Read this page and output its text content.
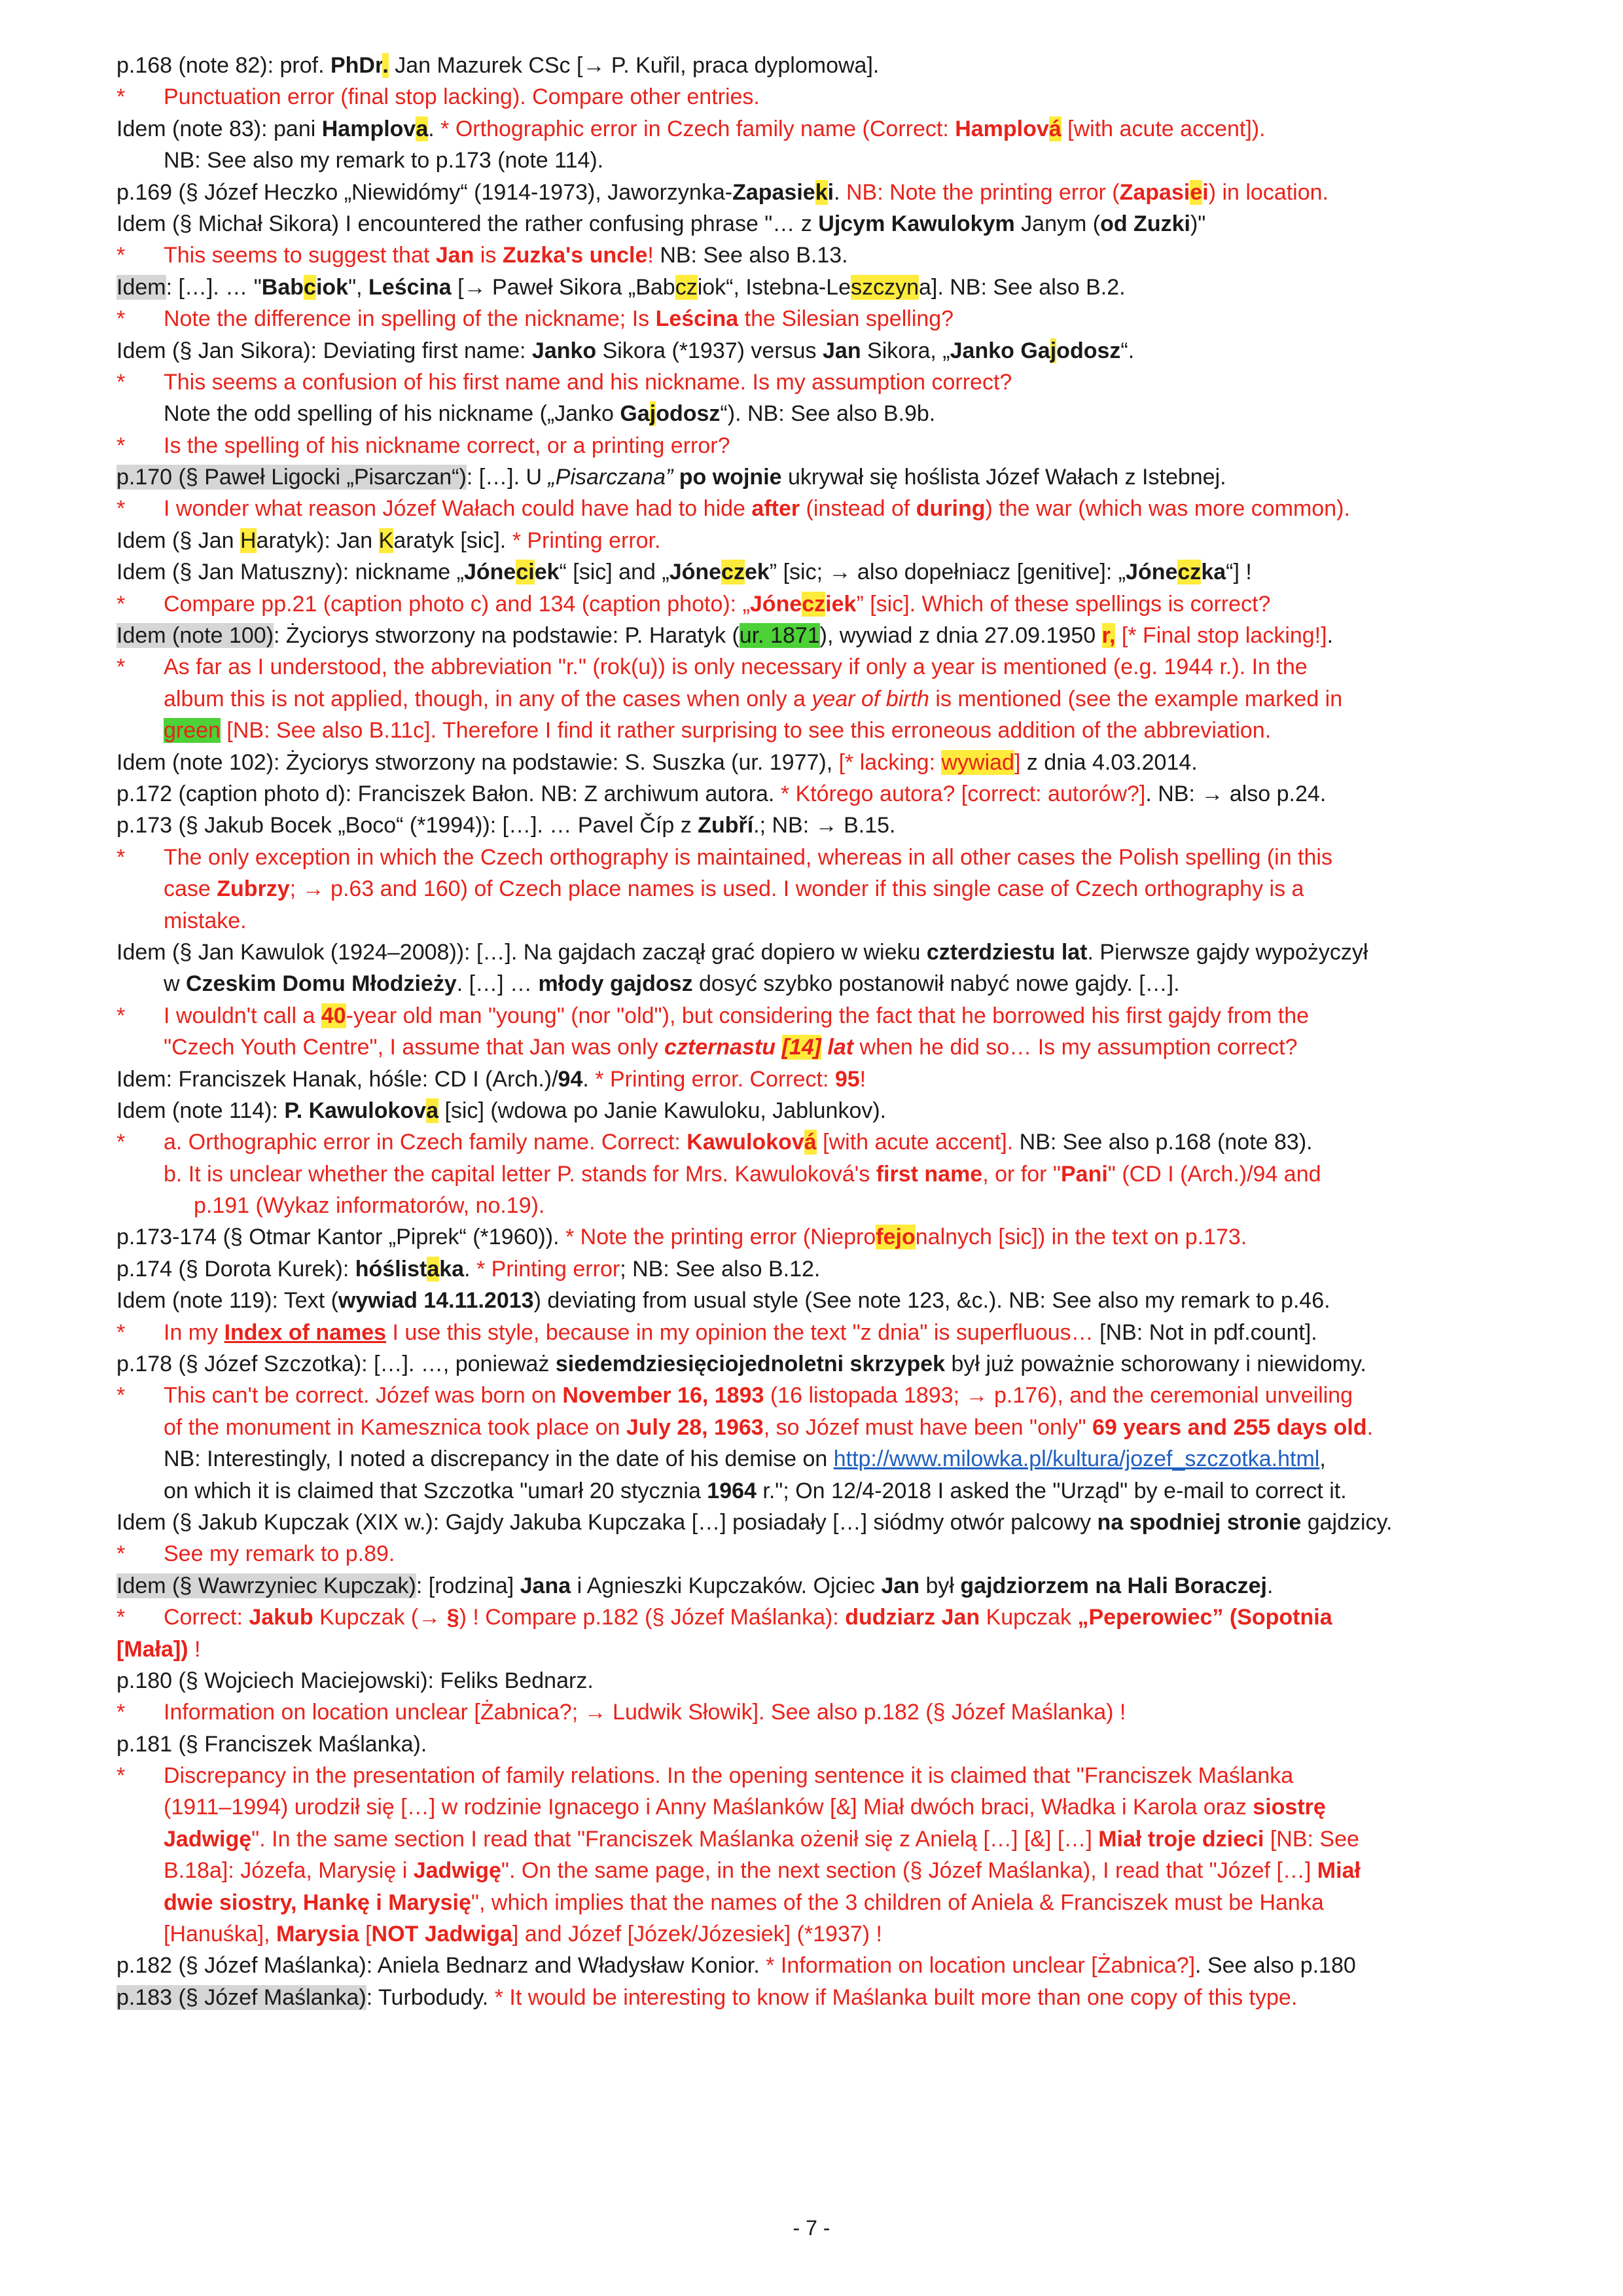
p.168 (note 82): prof. PhDr. Jan Mazurek CSc [→ P. Kuřil, praca dyplomowa].
* Punctuation error (final stop lacking). Compare other entries.
Idem (note 83): pani Hamplova. * Orthographic error in Czech family name (Correct: Hamplová [with acute accent]).
NB: See also my remark to p.173 (note 114).
p.169 (§ Józef Heczko „Niewidómy“ (1914-1973), Jaworzynka-Zapasieki. NB: Note the printing error (Zapasiei) in location.
Idem (§ Michał Sikora) I encountered the rather confusing phrase "… z Ujcym Kawulokym Janym (od Zuzki)"
* This seems to suggest that Jan is Zuzka's uncle! NB: See also B.13.
Idem: […]. … "Babciok", Leścina [→ Paweł Sikora „Babcziok“, Istebna-Leszczyna]. NB: See also B.2.
* Note the difference in spelling of the nickname; Is Leścina the Silesian spelling?
Idem (§ Jan Sikora): Deviating first name: Janko Sikora (*1937) versus Jan Sikora, „Janko Gajodosz“.
* This seems a confusion of his first name and his nickname. Is my assumption correct?
Note the odd spelling of his nickname („Janko Gajodosz“). NB: See also B.9b.
* Is the spelling of his nickname correct, or a printing error?
p.170 (§ Paweł Ligocki „Pisarczan“): […]. U „Pisarczana” po wojnie ukrywał się hoślista Józef Wałach z Istebnej.
* I wonder what reason Józef Wałach could have had to hide after (instead of during) the war (which was more common).
Idem (§ Jan Haratyk): Jan Karatyk [sic]. * Printing error.
Idem (§ Jan Matuszny): nickname „Jóneciek“ [sic] and „Jóneczek” [sic; → also dopełniacz [genitive]: „Jóneczka“] !
* Compare pp.21 (caption photo c) and 134 (caption photo): „Jónecziek” [sic]. Which of these spellings is correct?
Idem (note 100): Życiorys stworzony na podstawie: P. Haratyk (ur. 1871), wywiad z dnia 27.09.1950 r, [* Final stop lacking!].
* As far as I understood, the abbreviation "r." (rok(u)) is only necessary if only a year is mentioned (e.g. 1944 r.). In the
album this is not applied, though, in any of the cases when only a year of birth is mentioned (see the example marked in
green [NB: See also B.11c]. Therefore I find it rather surprising to see this erroneous addition of the abbreviation.
Idem (note 102): Życiorys stworzony na podstawie: S. Suszka (ur. 1977), [* lacking: wywiad] z dnia 4.03.2014.
p.172 (caption photo d): Franciszek Bałon. NB: Z archiwum autora. * Którego autora? [correct: autorów?]. NB: → also p.24.
p.173 (§ Jakub Bocek „Boco“ (*1994)): […]. … Pavel Číp z Zubří.; NB: → B.15.
* The only exception in which the Czech orthography is maintained, whereas in all other cases the Polish spelling (in this
case Zubrzy; → p.63 and 160) of Czech place names is used. I wonder if this single case of Czech orthography is a
mistake.
Idem (§ Jan Kawulok (1924–2008)): […]. Na gajdach zaczął grać dopiero w wieku czterdziestu lat. Pierwsze gajdy wypożyczył
w Czeskim Domu Młodzieży. […] … młody gajdosz dosyć szybko postanowił nabyć nowe gajdy. […].
* I wouldn't call a 40-year old man "young" (nor "old"), but considering the fact that he borrowed his first gajdy from the
"Czech Youth Centre", I assume that Jan was only czternastu [14] lat when he did so… Is my assumption correct?
Idem: Franciszek Hanak, hóśle: CD I (Arch.)/94. * Printing error. Correct: 95!
Idem (note 114): P. Kawulokova [sic] (wdowa po Janie Kawuloku, Jablunkov).
* a. Orthographic error in Czech family name. Correct: Kawuloková [with acute accent]. NB: See also p.168 (note 83).
b. It is unclear whether the capital letter P. stands for Mrs. Kawuloková's first name, or for "Pani" (CD I (Arch.)/94 and
p.191 (Wykaz informatorów, no.19).
p.173-174 (§ Otmar Kantor „Piprek“ (*1960)). * Note the printing error (Nieprofejonalnych [sic]) in the text on p.173.
p.174 (§ Dorota Kurek): hóślistaka. * Printing error; NB: See also B.12.
Idem (note 119): Text (wywiad 14.11.2013) deviating from usual style (See note 123, &c.). NB: See also my remark to p.46.
* In my Index of names I use this style, because in my opinion the text "z dnia" is superfluous… [NB: Not in pdf.count].
p.178 (§ Józef Szczotka): […]. …, ponieważ siedemdziesięciojednoletni skrzypek był już poważnie schorowany i niewidomy.
* This can't be correct. Józef was born on November 16, 1893 (16 listopada 1893; → p.176), and the ceremonial unveiling
of the monument in Kamesznica took place on July 28, 1963, so Józef must have been "only" 69 years and 255 days old.
NB: Interestingly, I noted a discrepancy in the date of his demise on http://www.milowka.pl/kultura/jozef_szczotka.html,
on which it is claimed that Szczotka "umarł 20 stycznia 1964 r."; On 12/4-2018 I asked the "Urząd" by e-mail to correct it.
Idem (§ Jakub Kupczak (XIX w.): Gajdy Jakuba Kupczaka […] posiadały […] siódmy otwór palcowy na spodniej stronie gajdzicy.
* See my remark to p.89.
Idem (§ Wawrzyniec Kupczak): [rodzina] Jana i Agnieszki Kupczaków. Ojciec Jan był gajdziorzem na Hali Boraczej.
* Correct: Jakub Kupczak (→ §) ! Compare p.182 (§ Józef Maślanka): dudziarz Jan Kupczak „Peperowiec” (Sopotnia
[Mała]) !
p.180 (§ Wojciech Maciejowski): Feliks Bednarz.
* Information on location unclear [Żabnica?; → Ludwik Słowik]. See also p.182 (§ Józef Maślanka) !
p.181 (§ Franciszek Maślanka).
* Discrepancy in the presentation of family relations. In the opening sentence it is claimed that "Franciszek Maślanka
(1911–1994) urodził się […] w rodzinie Ignacego i Anny Maślanków [&] Miał dwóch braci, Władka i Karola oraz siostrę
Jadwigę". In the same section I read that "Franciszek Maślanka ożenił się z Anielą […] [&] […] Miał troje dzieci [NB: See
B.18a]: Józefa, Marysię i Jadwigę". On the same page, in the next section (§ Józef Maślanka), I read that "Józef […] Miał
dwie siostry, Hankę i Marysię", which implies that the names of the 3 children of Aniela & Franciszek must be Hanka
[Hanuśka], Marysia [NOT Jadwiga] and Józef [Józek/Józesiek] (*1937) !
p.182 (§ Józef Maślanka): Aniela Bednarz and Władysław Konior. * Information on location unclear [Żabnica?]. See also p.180
p.183 (§ Józef Maślanka): Turbodudy. * It would be interesting to know if Maślanka built more than one copy of this type.
- 7 -
